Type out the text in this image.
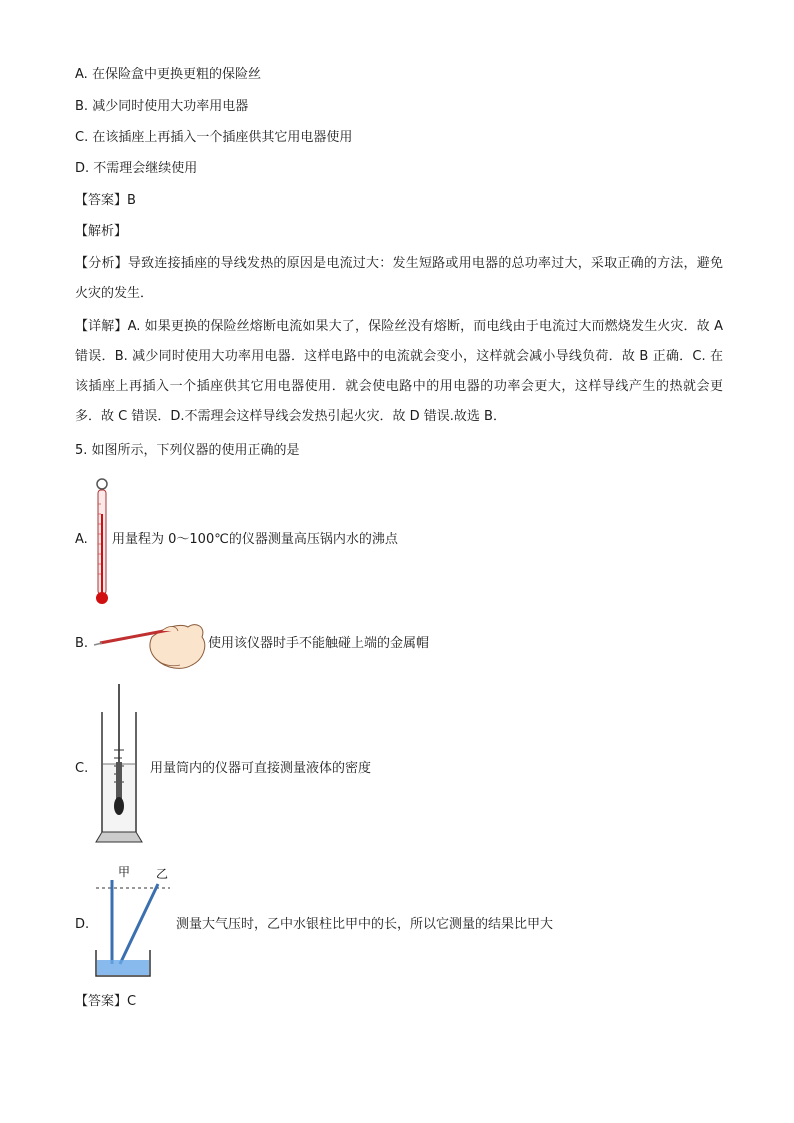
A. 在保险盒中更换更粗的保险丝
B. 减少同时使用大功率用电器
C. 在该插座上再插入一个插座供其它用电器使用
D. 不需理会继续使用
【答案】B
【解析】
【分析】导致连接插座的导线发热的原因是电流过大：发生短路或用电器的总功率过大，采取正确的方法，避免火灾的发生．
【详解】A. 如果更换的保险丝熔断电流如果大了，保险丝没有熔断，而电线由于电流过大而燃烧发生火灾．故 A 错误．B. 减少同时使用大功率用电器．这样电路中的电流就会变小，这样就会减小导线负荷．故 B 正确．C. 在该插座上再插入一个插座供其它用电器使用．就会使电路中的用电器的功率会更大，这样导线产生的热就会更多．故 C 错误．D.不需理会这样导线会发热引起火灾．故 D 错误.故选 B．
5. 如图所示，下列仪器的使用正确的是
A. 用量程为 0～100℃的仪器测量高压锅内水的沸点
B.	使用该仪器时手不能触碰上端的金属帽
C.	用量筒内的仪器可直接测量液体的密度
D.
甲 乙
测量大气压时，乙中水银柱比甲中的长，所以它测量的结果比甲大
【答案】C
